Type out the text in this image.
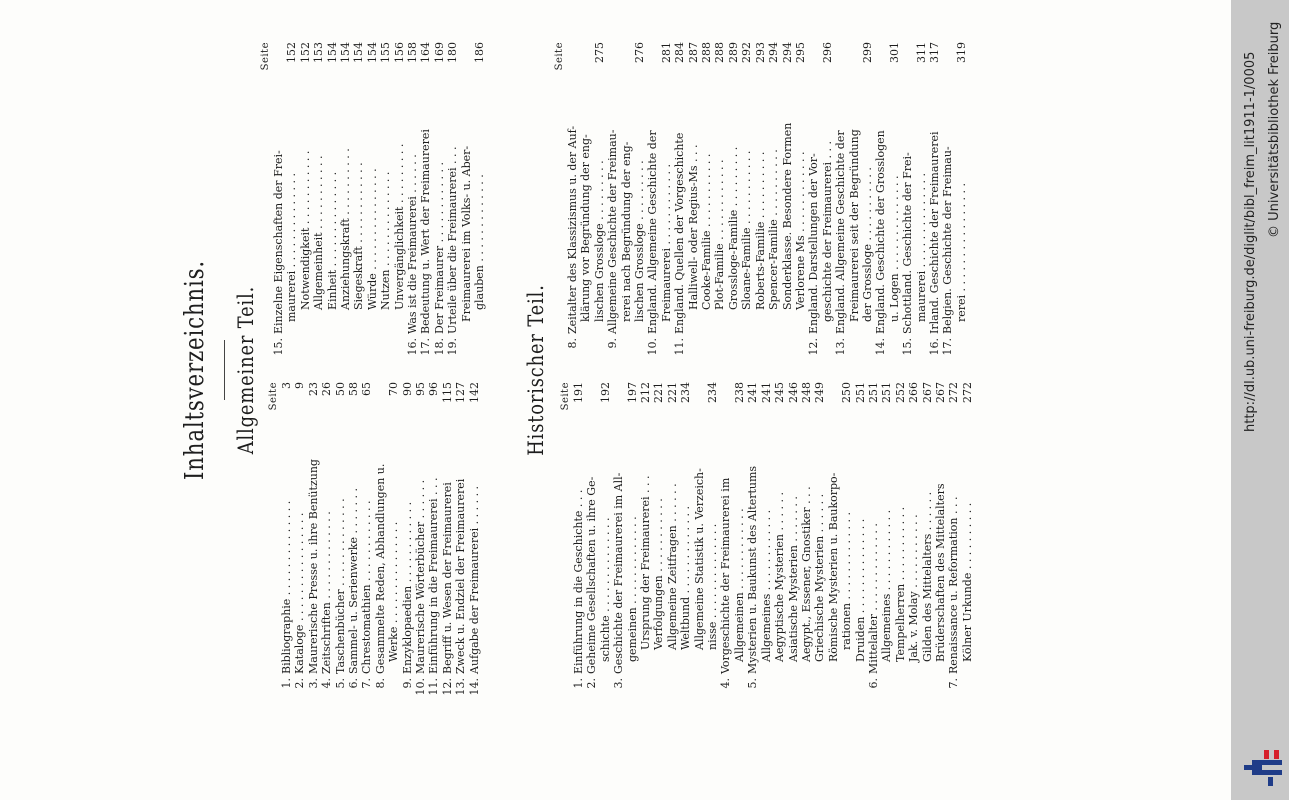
Inhaltsverzeichnis. Allgemeiner Teil. Seite
1.
Bibliographie . . . . . . . . . . . . . .
3
2.
Kataloge . . . . . . . . . . . . . . . .
9
3.
Maurerische Presse u. ihre Benützung
23
4.
Zeitschriften . . . . . . . . . . . . .
26
5.
Taschenbücher . . . . . . . . . . . . .
50
6.
Sammel- u. Serienwerke . . . . . . .
58
7.
Chrestomathien . . . . . . . . . . . .
65
8.
Gesammelte Reden, Abhandlungen u. Werke . . . . . . . . . . . . . . .
70
9.
Enzyklopaedien . . . . . . . . . . . .
90
10.
Maurerische Wörterbücher . . . . . .
95
11.
Einführung in die Freimaurerei . . .
96
12.
Begriff u. Wesen der Freimaurerei
115
13.
Zweck u. Endziel der Freimaurerei
127
14.
Aufgabe der Freimaurerei . . . . . .
142
Seite
15.
Einzelne Eigenschaften der Frei- maurerei . . . . . . . . . . . . . .
152
Notwendigkeit . . . . . . . . . . .
152
Allgemeinheit . . . . . . . . . . .
153
Einheit . . . . . . . . . . . . . .
154
Anziehungskraft . . . . . . . . . .
154
Siegeskraft . . . . . . . . . . . .
154
Würde . . . . . . . . . . . . . . .
154
Nutzen . . . . . . . . . . . . . .
155
Unvergänglichkeit . . . . . . . . .
156
16.
Was ist die Freimaurerei . . . . . .
158
17.
Bedeutung u. Wert der Freimaurerei
164
18.
Der Freimaurer . . . . . . . . . . . .
169
19.
Urteile über die Freimaurerei . . .
180
Freimaurerei im Volks- u. Aber- glauben . . . . . . . . . . . . .
186
Historischer Teil. Seite
1.
Einführung in die Geschichte . . .
191
2.
Geheime Gesellschaften u. ihre Ge- schichte . . . . . . . . . . . . . .
192
3.
Geschichte der Freimaurerei im All- gemeinen . . . . . . . . . . . . .
197
Ursprung der Freimaurerei . . .
212
Verfolgungen . . . . . . . . . . .
221
Allgemeine Zeitfragen . . . . . .
221
Weltbund . . . . . . . . . . . . .
234
Allgemeine Statistik u. Verzeich- nisse . . . . . . . . . . . . . .
234
4.
Vorgeschichte der Freimaurerei im Allgemeinen . . . . . . . . . . . .
238
5.
Mysterien u. Baukunst des Altertums
241
Allgemeines . . . . . . . . . . . .
241
Aegyptische Mysterien . . . . . .
245
Asiatische Mysterien . . . . . . .
246
Aegypt., Essener, Gnostiker . . .
248
Griechische Mysterien . . . . . .
249
Römische Mysterien u. Baukorpo- rationen . . . . . . . . . . . . .
250
Druiden . . . . . . . . . . . . . .
251
6.
Mittelalter . . . . . . . . . . . . .
251
Allgemeines . . . . . . . . . . . .
251
Tempelherren . . . . . . . . . . .
252
Jak. v. Molay . . . . . . . . . . .
266
Gilden des Mittelalters . . . . . .
267
Brüderschaften des Mittelalters
267
7.
Renaissance u. Reformation . . .
272
Kölner Urkunde . . . . . . . . . .
272
Seite
8.
Zeitalter des Klassizismus u. der Auf- klärung vor Begründung der eng- lischen Grossloge . . . . . . . . .
275
9.
Allgemeine Geschichte der Freimau- rerei nach Begründung der eng- lischen Grossloge . . . . . . . . .
276
10.
England. Allgemeine Geschichte der Freimaurerei . . . . . . . . . . . .
281
11.
England. Quellen der Vorgeschichte
284
Halliwell- oder Regius-Ms . . .
287
Cooke-Familie . . . . . . . . . . .
288
Plot-Familie . . . . . . . . . . . .
288
Grossloge-Familie . . . . . . . . .
289
Sloane-Familie . . . . . . . . . . .
292
Roberts-Familie . . . . . . . . . .
293
Spencer-Familie . . . . . . . . . .
294
Sonderklasse. Besondere Formen
294
Verlorene Ms . . . . . . . . . . . .
295
12.
England. Darstellungen der Vor- geschichte der Freimaurerei . . .
296
13.
England. Allgemeine Geschichte der Freimaurerei seit der Begründung der Grossloge . . . . . . . . . . .
299
14.
England. Geschichte der Grosslogen u. Logen . . . . . . . . . . . . . .
301
15.
Schottland. Geschichte der Frei- maurerei . . . . . . . . . . . . . .
311
16.
Irland. Geschichte der Freimaurerei
317
17.
Belgien. Geschichte der Freimau- rerei . . . . . . . . . . . . . . . .
319	http://dl.ub.uni-freiburg.de/diglit/bibl_freim_lit1911-1/0005 © Universitätsbibliothek Freiburg
